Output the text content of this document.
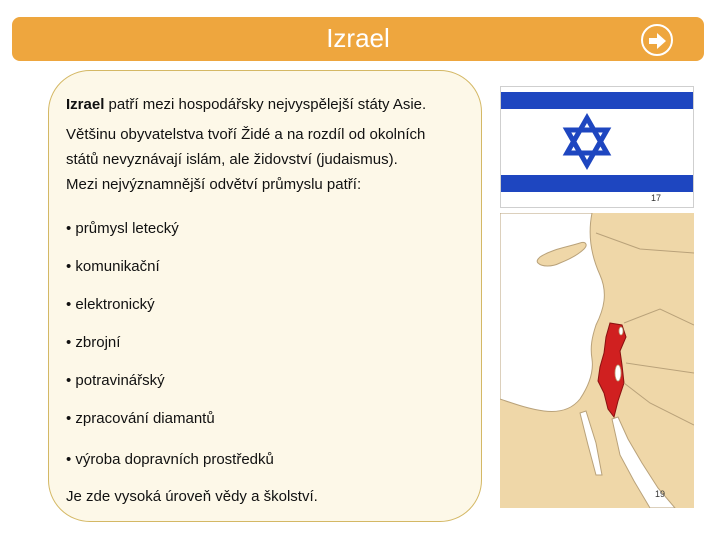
Izrael
Izrael patří mezi hospodářsky nejvyspělejší státy Asie.
Většinu obyvatelstva tvoří Židé a na rozdíl od okolních
států nevyznávají islám, ale židovství (judaismus).
Mezi nejvýznamnější odvětví průmyslu patří:
• průmysl letecký
• komunikační
• elektronický
• zbrojní
• potravinářský
• zpracování diamantů
• výroba dopravních prostředků
Je zde vysoká úroveň vědy a školství.
17
19
